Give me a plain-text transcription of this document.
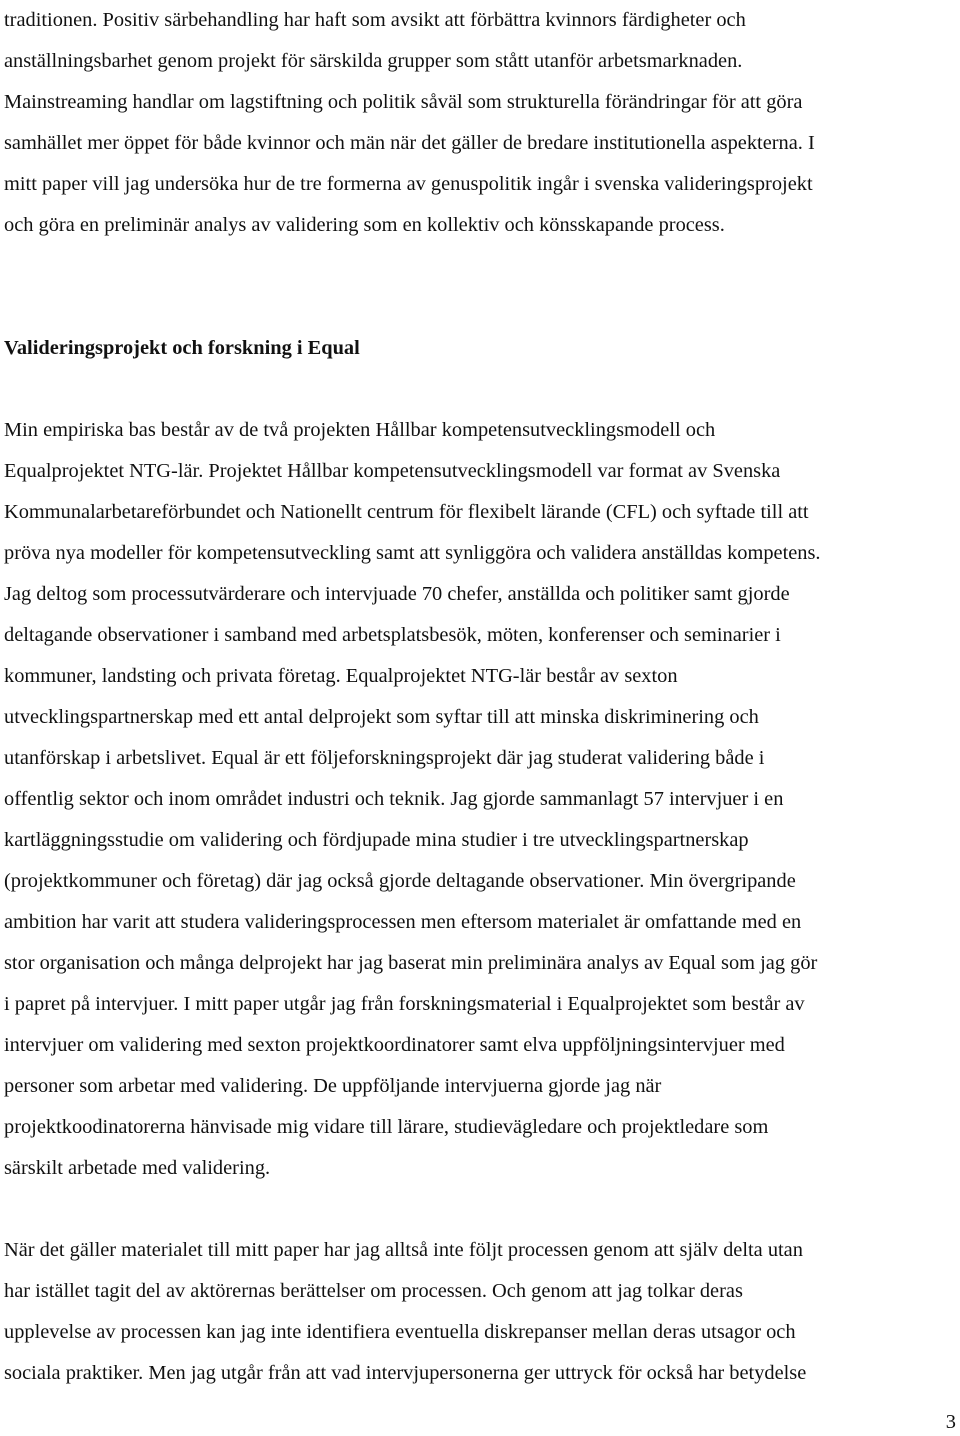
traditionen. Positiv särbehandling har haft som avsikt att förbättra kvinnors färdigheter och
anställningsbarhet genom projekt för särskilda grupper som stått utanför arbetsmarknaden.
Mainstreaming handlar om lagstiftning och politik såväl som strukturella förändringar för att göra
samhället mer öppet för både kvinnor och män när det gäller de bredare institutionella aspekterna. I
mitt paper vill jag undersöka hur de tre formerna av genuspolitik ingår i svenska valideringsprojekt
och göra en preliminär analys av validering som en kollektiv och könsskapande process.
Valideringsprojekt och forskning i Equal
Min empiriska bas består av de två projekten Hållbar kompetensutvecklingsmodell och
Equalprojektet NTG-lär. Projektet Hållbar kompetensutvecklingsmodell var format av Svenska
Kommunalarbetareförbundet och Nationellt centrum för flexibelt lärande (CFL) och syftade till att
pröva nya modeller för kompetensutveckling samt att synliggöra och validera anställdas kompetens.
Jag deltog som processutvärderare och intervjuade 70 chefer, anställda och politiker samt gjorde
deltagande observationer i samband med arbetsplatsbesök, möten, konferenser och seminarier i
kommuner, landsting och privata företag. Equalprojektet NTG-lär består av sexton
utvecklingspartnerskap med ett antal delprojekt som syftar till att minska diskriminering och
utanförskap i arbetslivet. Equal är ett följeforskningsprojekt där jag studerat validering både i
offentlig sektor och inom området industri och teknik. Jag gjorde sammanlagt 57 intervjuer i en
kartläggningsstudie om validering och fördjupade mina studier i tre utvecklingspartnerskap
(projektkommuner och företag) där jag också gjorde deltagande observationer. Min övergripande
ambition har varit att studera valideringsprocessen men eftersom materialet är omfattande med en
stor organisation och många delprojekt har jag baserat min preliminära analys av Equal som jag gör
i papret på intervjuer. I mitt paper utgår jag från forskningsmaterial i Equalprojektet som består av
intervjuer om validering med sexton projektkoordinatorer samt elva uppföljningsintervjuer med
personer som arbetar med validering. De uppföljande intervjuerna gjorde jag när
projektkoodinatorerna hänvisade mig vidare till lärare, studievägledare och projektledare som
särskilt arbetade med validering.
När det gäller materialet till mitt paper har jag alltså inte följt processen genom att själv delta utan
har istället tagit del av aktörernas berättelser om processen. Och genom att jag tolkar deras
upplevelse av processen kan jag inte identifiera eventuella diskrepanser mellan deras utsagor och
sociala praktiker. Men jag utgår från att vad intervjupersonerna ger uttryck för också har betydelse
3
